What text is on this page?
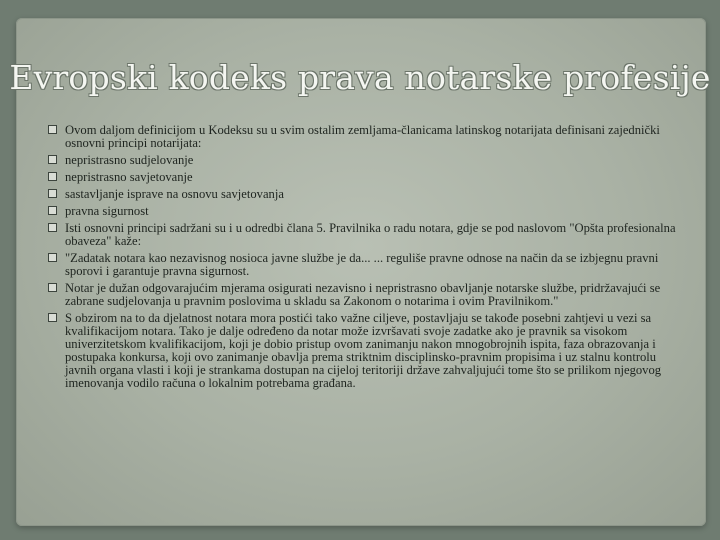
Evropski kodeks prava notarske profesije
Ovom daljom definicijom u Kodeksu su u svim ostalim zemljama-članicama latinskog notarijata definisani zajednički osnovni principi notarijata:
nepristrasno sudjelovanje
nepristrasno savjetovanje
sastavljanje isprave na osnovu savjetovanja
pravna sigurnost
Isti osnovni principi sadržani su i u odredbi člana 5. Pravilnika o radu notara, gdje se pod naslovom "Opšta profesionalna obaveza" kaže:
"Zadatak notara kao nezavisnog nosioca javne službe je da... ... reguliše pravne odnose na način da se izbjegnu pravni sporovi i garantuje pravna sigurnost.
Notar je dužan odgovarajućim mjerama osigurati nezavisno i nepristrasno obavljanje notarske službe, pridržavajući se zabrane sudjelovanja u pravnim poslovima u skladu sa Zakonom o notarima i ovim Pravilnikom."
S obzirom na to da djelatnost notara mora postići tako važne ciljeve, postavljaju se takođe posebni zahtjevi u vezi sa kvalifikacijom notara. Tako je dalje određeno da notar može izvršavati svoje zadatke ako je pravnik sa visokom univerzitetskom kvalifikacijom, koji je dobio pristup ovom zanimanju nakon mnogobrojnih ispita, faza obrazovanja i postupaka konkursa, koji ovo zanimanje obavlja prema striktnim disciplinsko-pravnim propisima i uz stalnu kontrolu javnih organa vlasti i koji je strankama dostupan na cijeloj teritoriji države zahvaljujući tome što se prilikom njegovog imenovanja vodilo računa o lokalnim potrebama građana.
